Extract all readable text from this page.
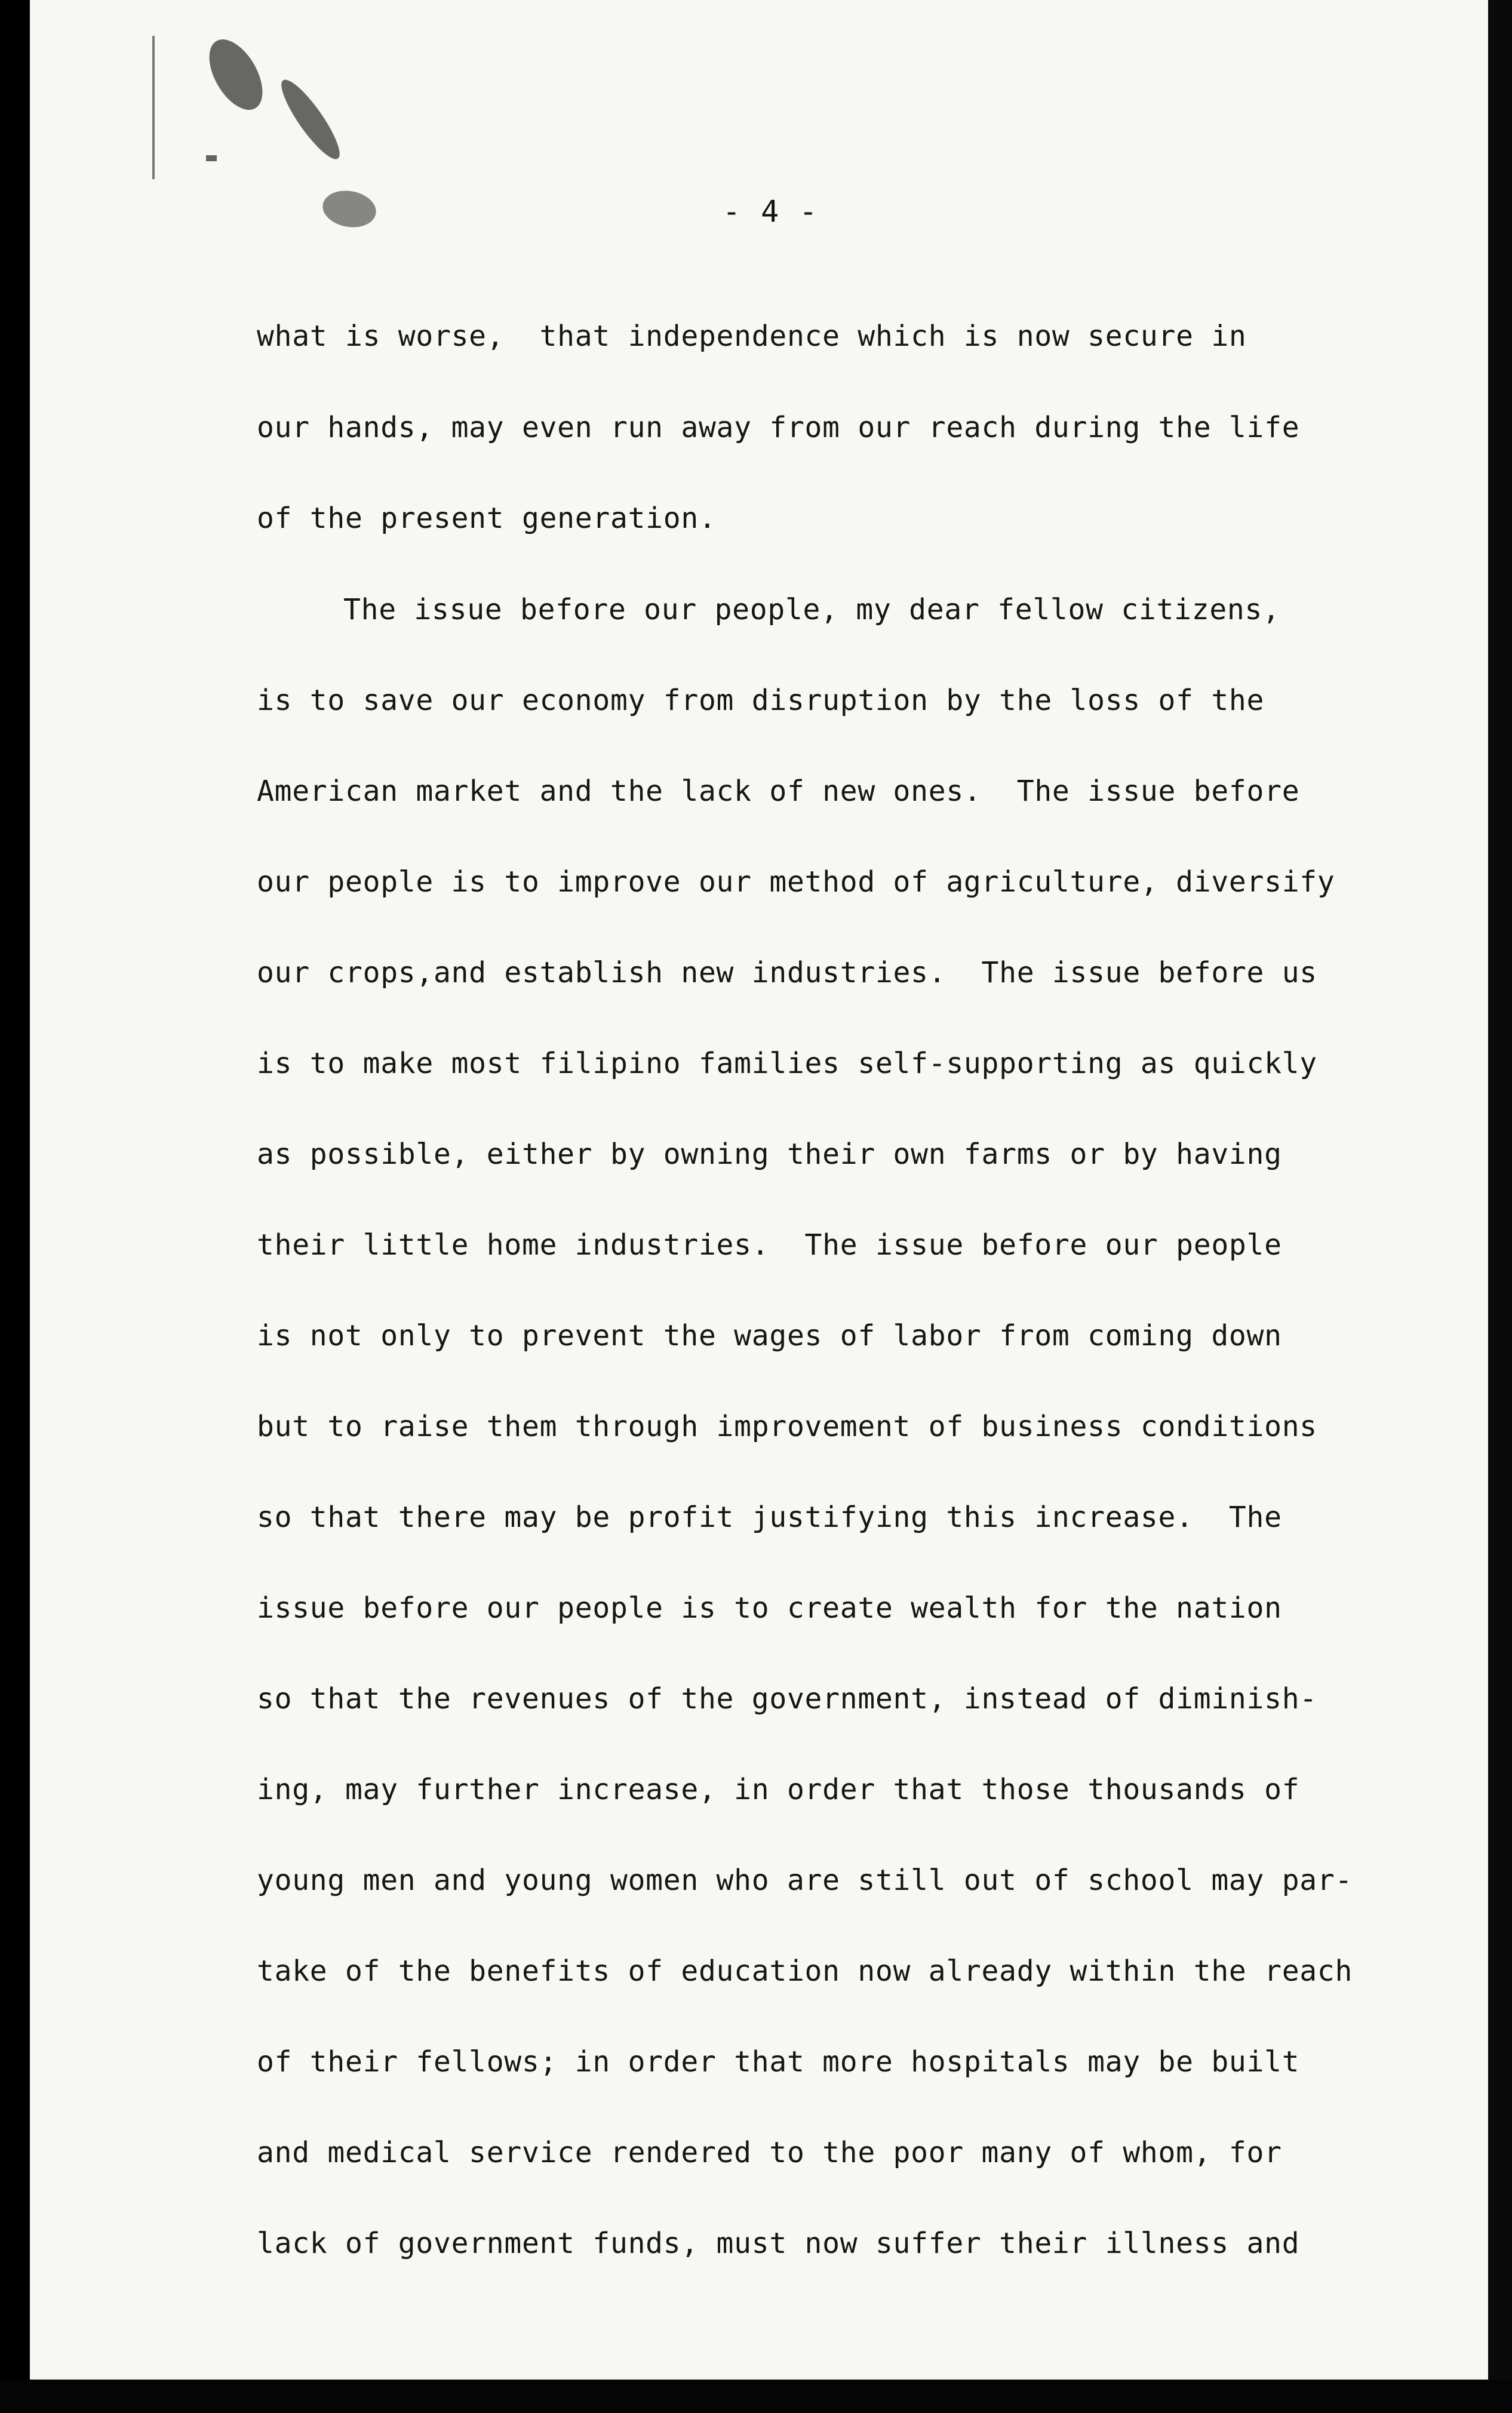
- 4 -
what is worse,  that independence which is now secure in
our hands, may even run away from our reach during the life
of the present generation.
The issue before our people, my dear fellow citizens,
is to save our economy from disruption by the loss of the
American market and the lack of new ones.  The issue before
our people is to improve our method of agriculture, diversify
our crops,and establish new industries.  The issue before us
is to make most filipino families self-supporting as quickly
as possible, either by owning their own farms or by having
their little home industries.  The issue before our people
is not only to prevent the wages of labor from coming down
but to raise them through improvement of business conditions
so that there may be profit justifying this increase.  The
issue before our people is to create wealth for the nation
so that the revenues of the government, instead of diminish-
ing, may further increase, in order that those thousands of
young men and young women who are still out of school may par-
take of the benefits of education now already within the reach
of their fellows; in order that more hospitals may be built
and medical service rendered to the poor many of whom, for
lack of government funds, must now suffer their illness and
